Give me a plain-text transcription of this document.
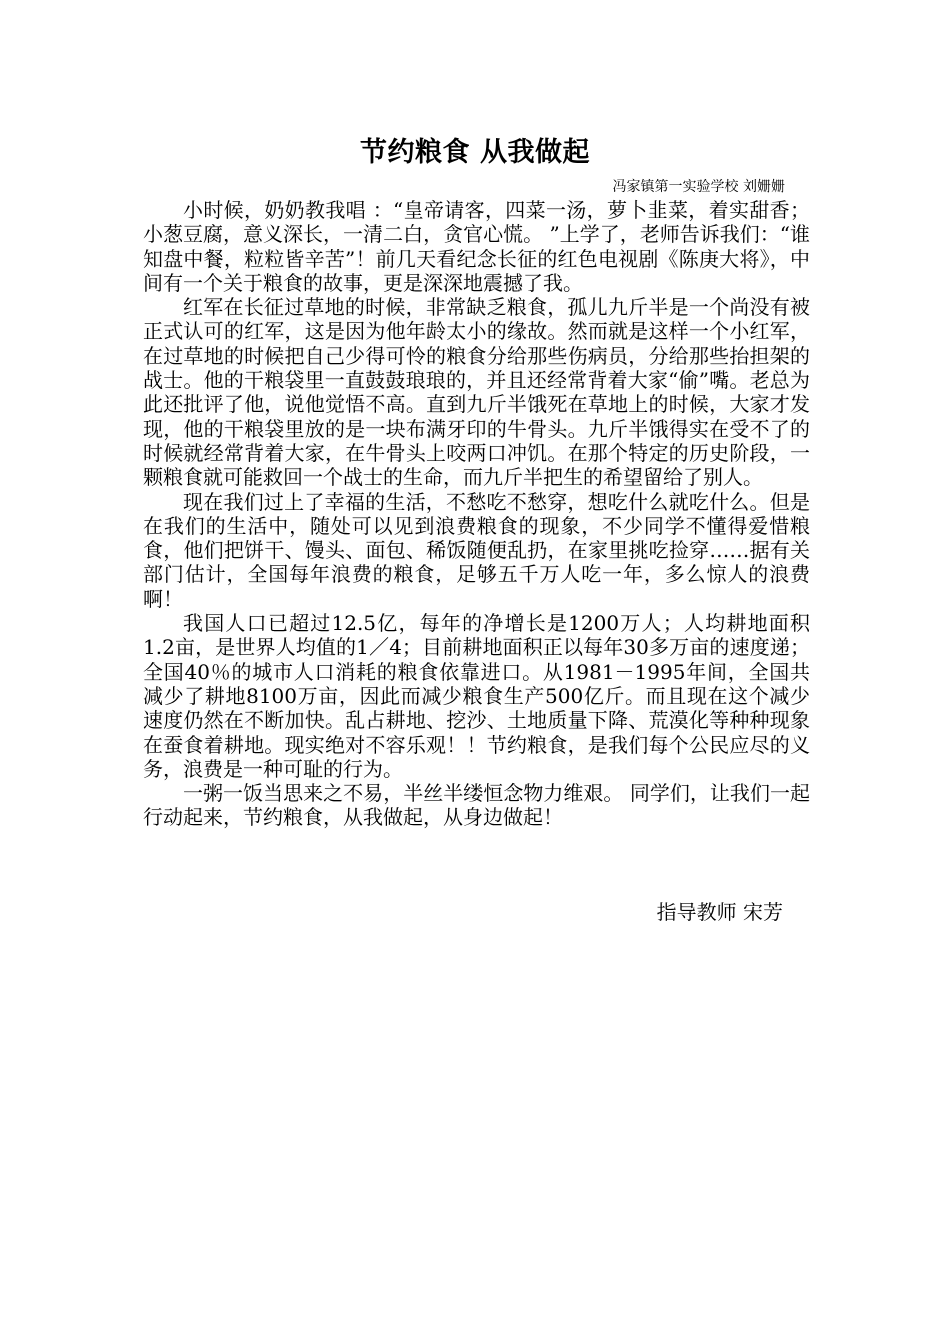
节约粮食 从我做起
冯家镇第一实验学校 刘姗姗

小时候，奶奶教我唱 ：“皇帝请客，四菜一汤，萝卜韭菜，着实甜香；小葱豆腐，意义深长，一清二白，贪官心慌。 ”上学了，老师告诉我们：“谁知盘中餐，粒粒皆辛苦”！前几天看纪念长征的红色电视剧《陈庚大将》，中间有一个关于粮食的故事，更是深深地震撼了我。

红军在长征过草地的时候，非常缺乏粮食，孤儿九斤半是一个尚没有被正式认可的红军，这是因为他年龄太小的缘故。然而就是这样一个小红军，在过草地的时候把自己少得可怜的粮食分给那些伤病员，分给那些抬担架的战士。他的干粮袋里一直鼓鼓琅琅的，并且还经常背着大家“偷”嘴。老总为此还批评了他，说他觉悟不高。直到九斤半饿死在草地上的时候，大家才发现，他的干粮袋里放的是一块布满牙印的牛骨头。九斤半饿得实在受不了的时候就经常背着大家，在牛骨头上咬两口冲饥。在那个特定的历史阶段，一颗粮食就可能救回一个战士的生命，而九斤半把生的希望留给了别人。

现在我们过上了幸福的生活，不愁吃不愁穿，想吃什么就吃什么。但是在我们的生活中，随处可以见到浪费粮食的现象，不少同学不懂得爱惜粮食，他们把饼干、馒头、面包、稀饭随便乱扔，在家里挑吃捡穿……据有关部门估计，全国每年浪费的粮食，足够五千万人吃一年，多么惊人的浪费啊！

我国人口已超过12.5亿，每年的净增长是1200万人；人均耕地面积1.2亩，是世界人均值的1／4；目前耕地面积正以每年30多万亩的速度递；全国40％的城市人口消耗的粮食依靠进口。从1981－1995年间，全国共减少了耕地8100万亩，因此而减少粮食生产500亿斤。而且现在这个减少速度仍然在不断加快。乱占耕地、挖沙、土地质量下降、荒漠化等种种现象在蚕食着耕地。现实绝对不容乐观！！节约粮食，是我们每个公民应尽的义务，浪费是一种可耻的行为。

一粥一饭当思来之不易，半丝半缕恒念物力维艰。 同学们，让我们一起行动起来，节约粮食，从我做起，从身边做起！

指导教师 宋芳
